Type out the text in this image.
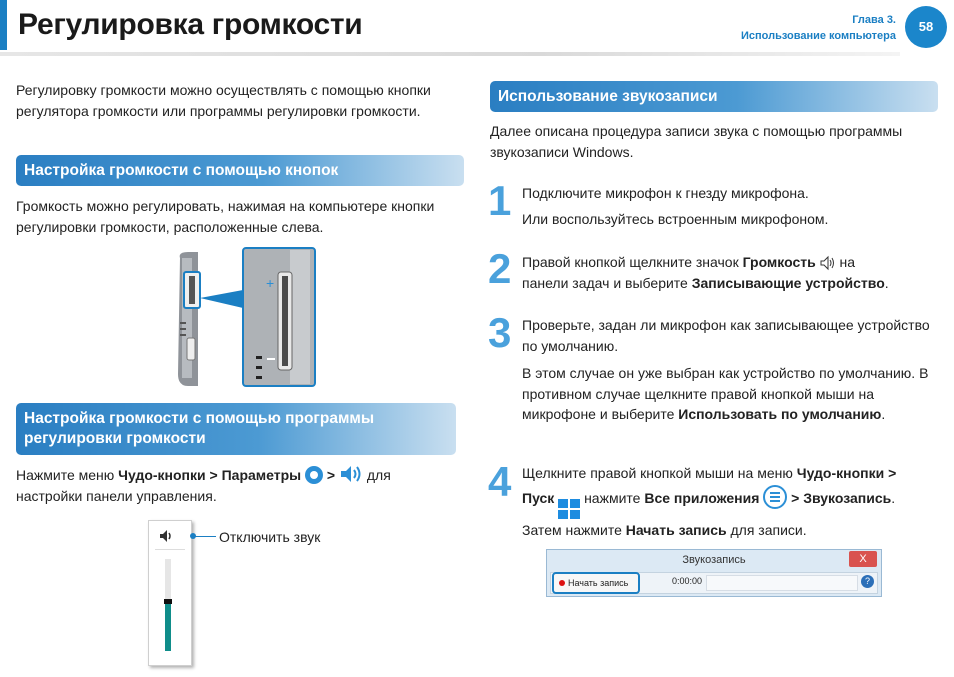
Регулировка громкости	Глава 3.
Использование компьютера
58
Регулировку громкости можно осуществлять с помощью кнопки регулятора громкости или программы регулировки громкости.
Настройка громкости с помощью кнопок
Громкость можно регулировать, нажимая на компьютере кнопки регулировки громкости, расположенные слева.
+
Настройка громкости с помощью программы регулировки громкости
Нажмите меню Чудо-кнопки > Параметры  >  для
настройки панели управления.
Отключить звук
Использование звукозаписи
Далее описана процедура записи звука с помощью программы звукозаписи Windows.
1 Подключите микрофон к гнезду микрофона.
Или воспользуйтесь встроенным микрофоном.
2 Правой кнопкой щелкните значок Громкость  на
панели задач и выберите Записывающие устройство.
3 Проверьте, задан ли микрофон как записывающее устройство по умолчанию.
В этом случае он уже выбран как устройство по умолчанию. В противном случае щелкните правой кнопкой мыши на микрофоне и выберите Использовать по умолчанию.
4 Щелкните правой кнопкой мыши на меню Чудо-кнопки >
Пуск
нажмите Все приложения
> Звукозапись.
Затем нажмите Начать запись для записи.
Звукозапись	X
0:00:00	?
Начать запись
